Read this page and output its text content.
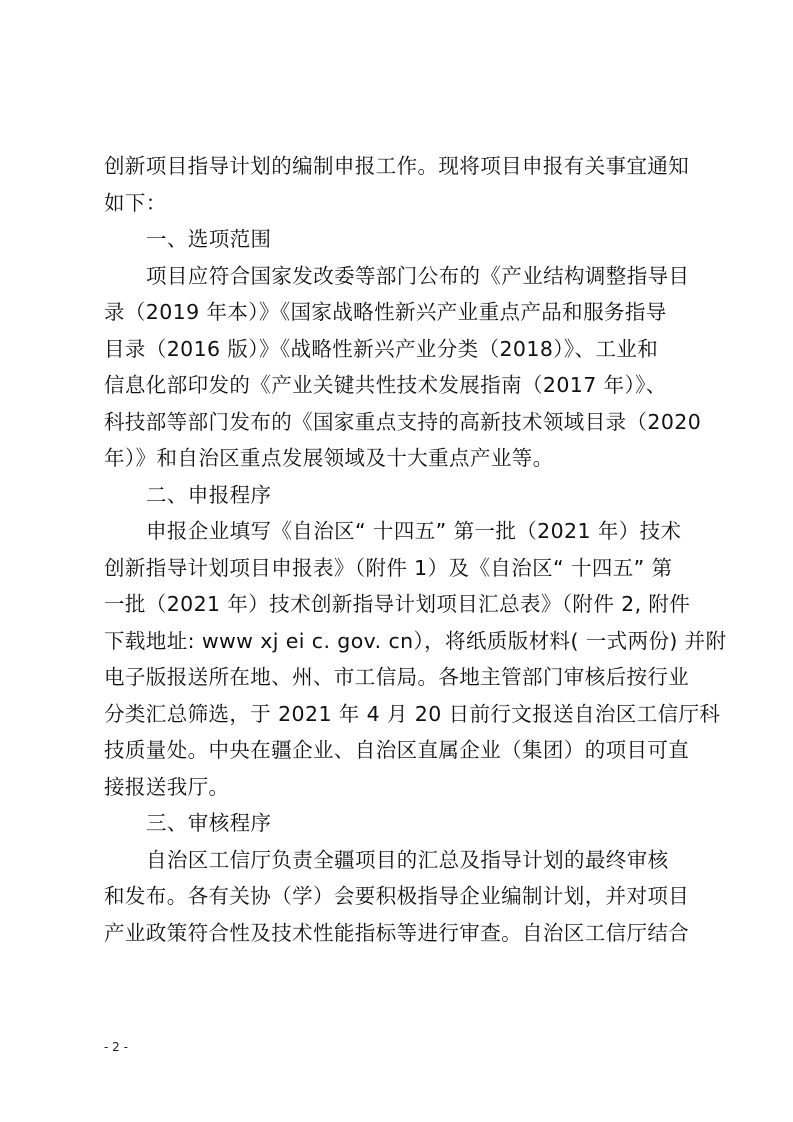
创新项目指导计划的编制申报工作。现将项目申报有关事宜通知
如下：
一、选项范围
项目应符合国家发改委等部门公布的《产业结构调整指导目
录（2019 年本）》《国家战略性新兴产业重点产品和服务指导
目录（2016 版）》《战略性新兴产业分类（2018）》、工业和
信息化部印发的《产业关键共性技术发展指南（2017 年）》、
科技部等部门发布的《国家重点支持的高新技术领域目录（2020
年）》和自治区重点发展领域及十大重点产业等。
二、申报程序
申报企业填写《自治区“ 十四五” 第一批（2021 年）技术
创新指导计划项目申报表》（附件 1）及《自治区“ 十四五” 第
一批（2021 年）技术创新指导计划项目汇总表》（附件 2, 附件
下载地址: www xj ei c. gov. cn），将纸质版材料( 一式两份) 并附
电子版报送所在地、州、市工信局。各地主管部门审核后按行业
分类汇总筛选，于 2021 年 4 月 20 日前行文报送自治区工信厅科
技质量处。中央在疆企业、自治区直属企业（集团）的项目可直
接报送我厅。
三、审核程序
自治区工信厅负责全疆项目的汇总及指导计划的最终审核
和发布。各有关协（学）会要积极指导企业编制计划，并对项目
产业政策符合性及技术性能指标等进行审查。自治区工信厅结合
- 2 -
